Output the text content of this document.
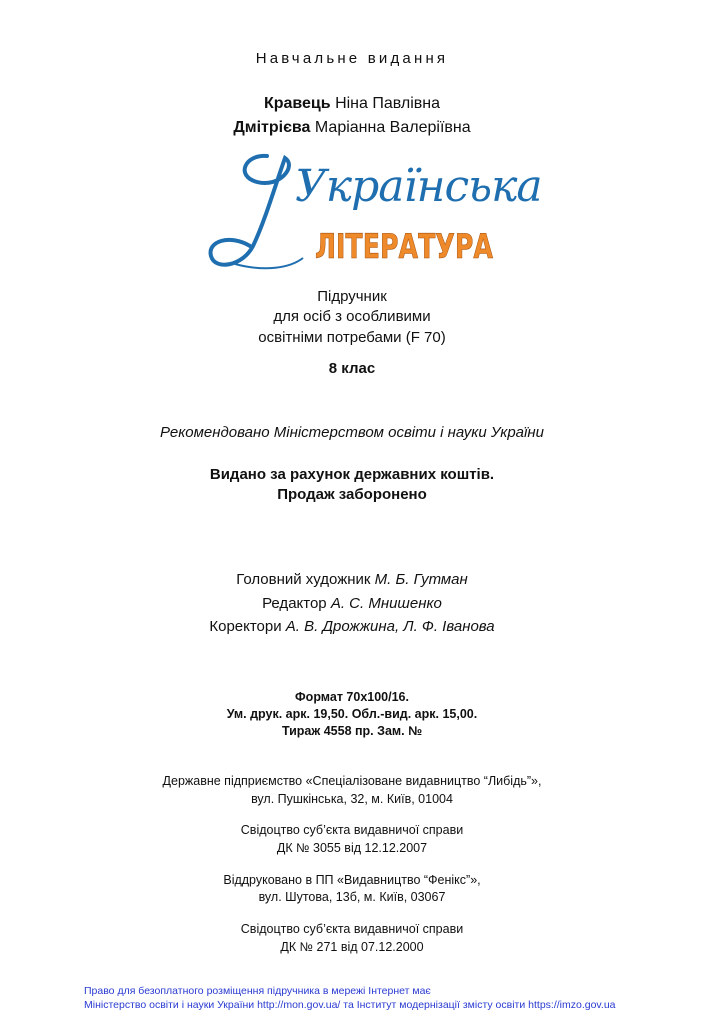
Навчальне видання
Кравець Ніна Павлівна
Дмітрієва Маріанна Валеріївна
Українська
ЛІТЕРАТУРА
Підручник
для осіб з особливими
освітніми потребами (F 70)
8 клас
Рекомендовано Міністерством освіти і науки України
Видано за рахунок державних коштів.
Продаж заборонено
Головний художник М. Б. Гутман
Редактор А. С. Мнишенко
Коректори А. В. Дрожжина, Л. Ф. Іванова
Формат 70x100/16.
Ум. друк. арк. 19,50. Обл.-вид. арк. 15,00.
Тираж 4558 пр. Зам. №
Державне підприємство «Спеціалізоване видавництво “Либідь”»,
вул. Пушкінська, 32, м. Київ, 01004
Свідоцтво суб’єкта видавничої справи
ДК № 3055 від 12.12.2007
Віддруковано в ПП «Видавництво “Фенікс”»,
вул. Шутова, 13б, м. Київ, 03067
Свідоцтво суб’єкта видавничої справи
ДК № 271 від 07.12.2000
Право для безоплатного розміщення підручника в мережі Інтернет має
Міністерство освіти і науки України http://mon.gov.ua/ та Інститут модернізації змісту освіти https://imzo.gov.ua
